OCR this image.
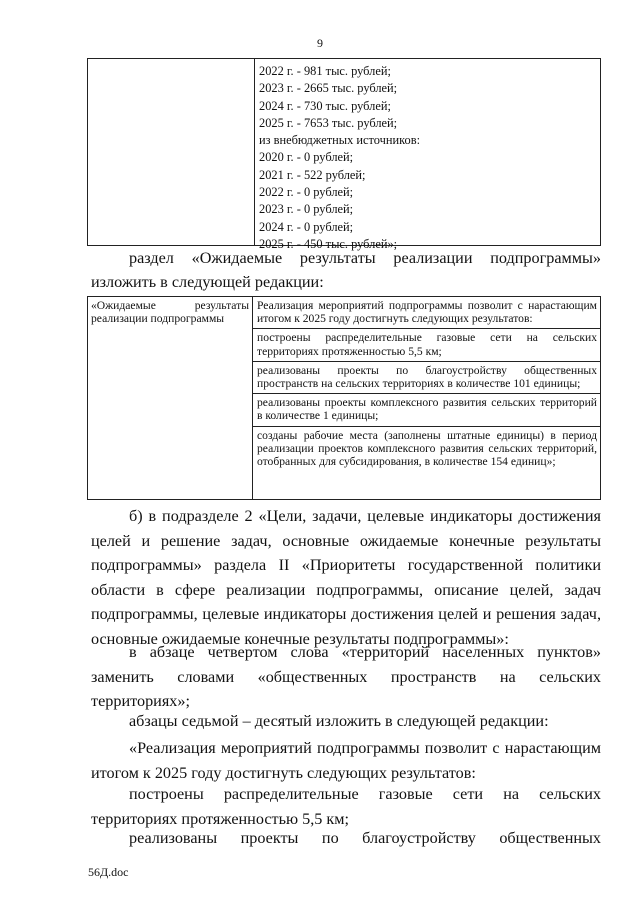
9
2022 г. - 981 тыс. рублей;
2023 г. - 2665 тыс. рублей;
2024 г. - 730 тыс. рублей;
2025 г. - 7653 тыс. рублей;
из внебюджетных источников:
2020 г. - 0 рублей;
2021 г. - 522 рублей;
2022 г. - 0 рублей;
2023 г. - 0 рублей;
2024 г. - 0 рублей;
2025 г. - 450 тыс. рублей»;
раздел «Ожидаемые результаты реализации подпрограммы» изложить в следующей редакции:
«Ожидаемые результаты реализации подпрограммы
Реализация мероприятий подпрограммы позволит с нарастающим итогом к 2025 году достигнуть следующих результатов:
построены распределительные газовые сети на сельских территориях протяженностью 5,5 км;
реализованы проекты по благоустройству общественных пространств на сельских территориях в количестве 101 единицы;
реализованы проекты комплексного развития сельских территорий в количестве 1 единицы;
созданы рабочие места (заполнены штатные единицы) в период реализации проектов комплексного развития сельских территорий, отобранных для субсидирования, в количестве 154 единиц»;
б) в подразделе 2 «Цели, задачи, целевые индикаторы достижения целей и решение задач, основные ожидаемые конечные результаты подпрограммы» раздела II «Приоритеты государственной политики области в сфере реализации подпрограммы, описание целей, задач подпрограммы, целевые индикаторы достижения целей и решения задач, основные ожидаемые конечные результаты подпрограммы»:
в абзаце четвертом слова «территорий населенных пунктов» заменить словами «общественных пространств на сельских территориях»;
абзацы седьмой – десятый изложить в следующей редакции:
«Реализация мероприятий подпрограммы позволит с нарастающим итогом к 2025 году достигнуть следующих результатов:
построены распределительные газовые сети на сельских территориях протяженностью 5,5 км;
реализованы проекты по благоустройству общественных
56Д.doc
